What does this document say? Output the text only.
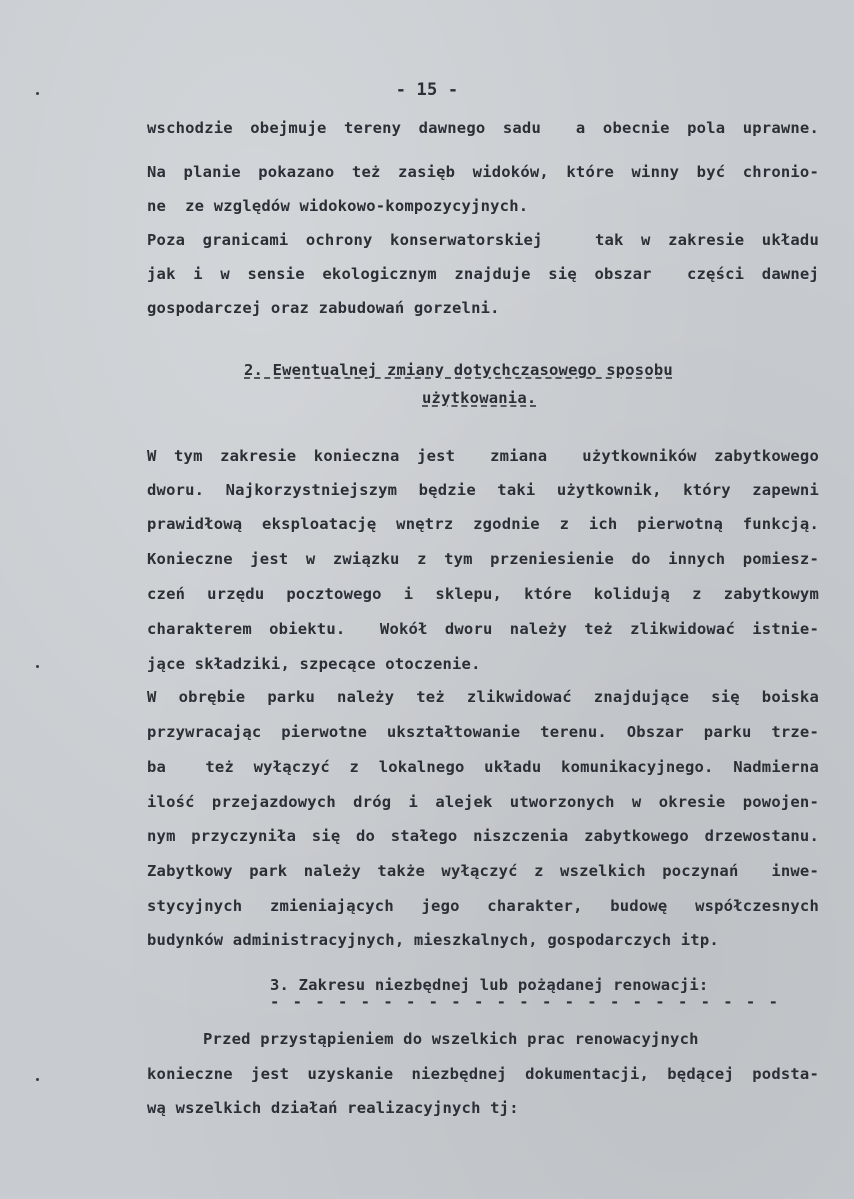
- 15 -
wschodzie obejmuje tereny dawnego sadu  a obecnie pola uprawne.
Na planie pokazano też zasięb widoków, które winny być chronio-
ne  ze względów widokowo-kompozycyjnych.
Poza granicami ochrony konserwatorskiej   tak w zakresie układu
jak i w sensie ekologicznym znajduje się obszar  części dawnej
gospodarczej oraz zabudowań gorzelni.
2. Ewentualnej zmiany dotychczasowego sposobu
użytkowania.
W tym zakresie konieczna jest  zmiana  użytkowników zabytkowego
dworu. Najkorzystniejszym będzie taki użytkownik, który zapewni
prawidłową eksploatację wnętrz zgodnie z ich pierwotną funkcją.
Konieczne jest w związku z tym przeniesienie do innych pomiesz-
czeń urzędu pocztowego i sklepu, które kolidują z zabytkowym
charakterem obiektu.  Wokół dworu należy też zlikwidować istnie-
jące składziki, szpecące otoczenie.
W obrębie parku należy też zlikwidować znajdujące się boiska
przywracając pierwotne ukształtowanie terenu. Obszar parku trze-
ba  też wyłączyć z lokalnego układu komunikacyjnego. Nadmierna
ilość przejazdowych dróg i alejek utworzonych w okresie powojen-
nym przyczyniła się do stałego niszczenia zabytkowego drzewostanu.
Zabytkowy park należy także wyłączyć z wszelkich poczynań  inwe-
stycyjnych zmieniających jego charakter, budowę współczesnych
budynków administracyjnych, mieszkalnych, gospodarczych itp.
3. Zakresu niezbędnej lub pożądanej renowacji:
- - - - - - - - - - - - - - - - - - - - - - -
Przed przystąpieniem do wszelkich prac renowacyjnych
konieczne jest uzyskanie niezbędnej dokumentacji, będącej podsta-
wą wszelkich działań realizacyjnych tj:
